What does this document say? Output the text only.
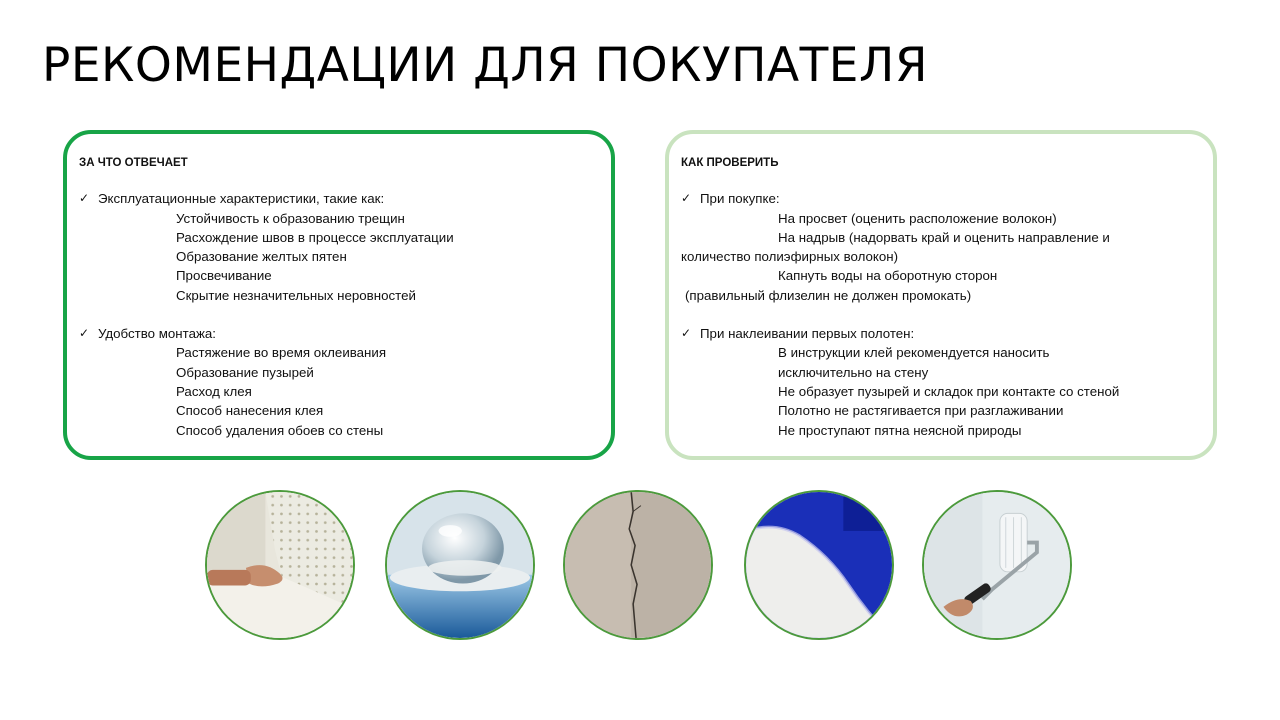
РЕКОМЕНДАЦИИ ДЛЯ ПОКУПАТЕЛЯ
ЗА ЧТО ОТВЕЧАЕТ
✓ Эксплуатационные характеристики, такие как:
Устойчивость к образованию трещин
Расхождение швов в процессе эксплуатации
Образование желтых пятен
Просвечивание
Скрытие незначительных неровностей
✓ Удобство монтажа:
Растяжение во время оклеивания
Образование пузырей
Расход клея
Способ нанесения клея
Способ удаления обоев со стены
КАК ПРОВЕРИТЬ
✓ При покупке:
На просвет (оценить расположение волокон)
На надрыв (надорвать край и оценить направление и
количество полиэфирных волокон)
Капнуть воды на оборотную сторон
(правильный флизелин не должен промокать)
✓ При наклеивании первых полотен:
В инструкции клей рекомендуется наносить
исключительно на стену
Не образует пузырей и складок при контакте со стеной
Полотно не растягивается при разглаживании
Не проступают пятна неясной природы
